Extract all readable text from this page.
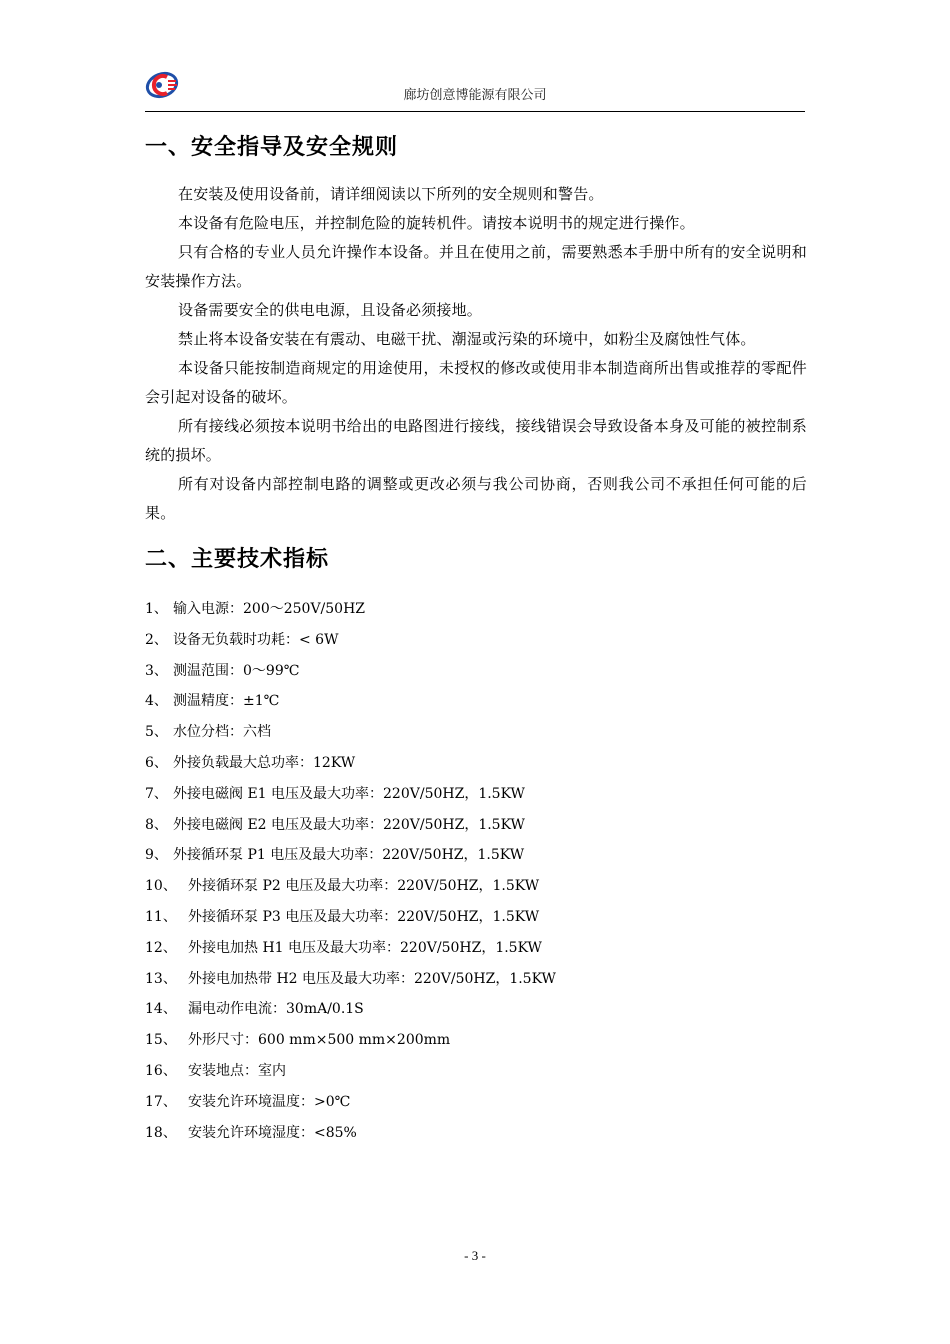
廊坊创意博能源有限公司
一、安全指导及安全规则

在安装及使用设备前，请详细阅读以下所列的安全规则和警告。

本设备有危险电压，并控制危险的旋转机件。请按本说明书的规定进行操作。

只有合格的专业人员允许操作本设备。并且在使用之前，需要熟悉本手册中所有的安全说明和安装操作方法。

设备需要安全的供电电源，且设备必须接地。

禁止将本设备安装在有震动、电磁干扰、潮湿或污染的环境中，如粉尘及腐蚀性气体。

本设备只能按制造商规定的用途使用，未授权的修改或使用非本制造商所出售或推荐的零配件会引起对设备的破坏。

所有接线必须按本说明书给出的电路图进行接线，接线错误会导致设备本身及可能的被控制系统的损坏。

所有对设备内部控制电路的调整或更改必须与我公司协商，否则我公司不承担任何可能的后果。

二、主要技术指标
1、 输入电源：200～250V/50HZ
2、 设备无负载时功耗：< 6W
3、 测温范围：0～99℃
4、 测温精度：±1℃
5、 水位分档：六档
6、 外接负载最大总功率：12KW
7、 外接电磁阀 E1 电压及最大功率：220V/50HZ，1.5KW
8、 外接电磁阀 E2 电压及最大功率：220V/50HZ，1.5KW
9、 外接循环泵 P1 电压及最大功率：220V/50HZ，1.5KW
10、 外接循环泵 P2 电压及最大功率：220V/50HZ，1.5KW
11、 外接循环泵 P3 电压及最大功率：220V/50HZ，1.5KW
12、 外接电加热 H1 电压及最大功率：220V/50HZ，1.5KW
13、 外接电加热带 H2 电压及最大功率：220V/50HZ，1.5KW
14、 漏电动作电流：30mA/0.1S
15、 外形尺寸：600 mm×500 mm×200mm
16、 安装地点：室内
17、 安装允许环境温度：>0℃
18、 安装允许环境湿度：<85%
- 3 -
